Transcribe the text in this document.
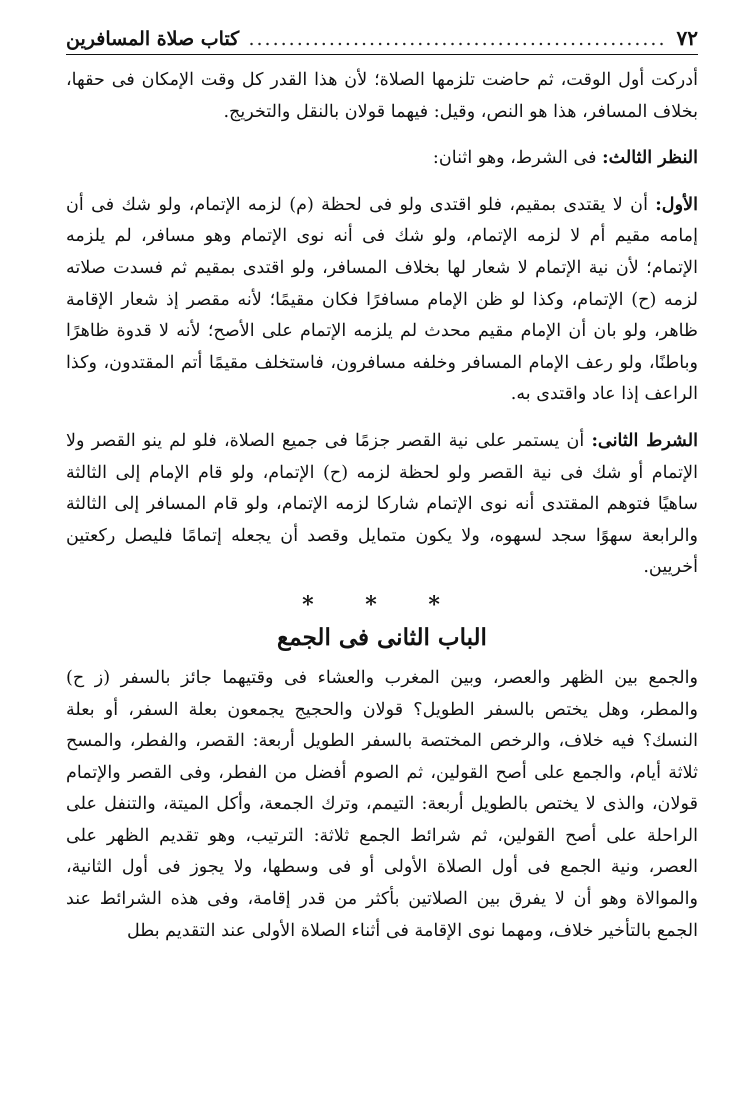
٧٢
.....
كتاب صلاة المسافرين

أدركت أول الوقت، ثم حاضت تلزمها الصلاة؛ لأن هذا القدر كل وقت الإمكان فى حقها، بخلاف المسافر، هذا هو النص، وقيل: فيهما قولان بالنقل والتخريج.

النظر الثالث: فى الشرط، وهو اثنان:

الأول: أن لا يقتدى بمقيم، فلو اقتدى ولو فى لحظة (م) لزمه الإتمام، ولو شك فى أن إمامه مقيم أم لا لزمه الإتمام، ولو شك فى أنه نوى الإتمام وهو مسافر، لم يلزمه الإتمام؛ لأن نية الإتمام لا شعار لها بخلاف المسافر، ولو اقتدى بمقيم ثم فسدت صلاته لزمه (ح) الإتمام، وكذا لو ظن الإمام مسافرًا فكان مقيمًا؛ لأنه مقصر إذ شعار الإقامة ظاهر، ولو بان أن الإمام مقيم محدث لم يلزمه الإتمام على الأصح؛ لأنه لا قدوة ظاهرًا وباطنًا، ولو رعف الإمام المسافر وخلفه مسافرون، فاستخلف مقيمًا أتم المقتدون، وكذا الراعف إذا عاد واقتدى به.

الشرط الثانى: أن يستمر على نية القصر جزمًا فى جميع الصلاة، فلو لم ينو القصر ولا الإتمام أو شك فى نية القصر ولو لحظة لزمه (ح) الإتمام، ولو قام الإمام إلى الثالثة ساهيًا فتوهم المقتدى أنه نوى الإتمام شاركا لزمه الإتمام، ولو قام المسافر إلى الثالثة والرابعة سهوًا سجد لسهوه، ولا يكون متمايل وقصد أن يجعله إتمامًا فليصل ركعتين أخريين.

* * *
الباب الثانى فى الجمع

والجمع بين الظهر والعصر، وبين المغرب والعشاء فى وقتيهما جائز بالسفر (ز ح) والمطر، وهل يختص بالسفر الطويل؟ قولان والحجيج يجمعون بعلة السفر، أو بعلة النسك؟ فيه خلاف، والرخص المختصة بالسفر الطويل أربعة: القصر، والفطر، والمسح ثلاثة أيام، والجمع على أصح القولين، ثم الصوم أفضل من الفطر، وفى القصر والإتمام قولان، والذى لا يختص بالطويل أربعة: التيمم، وترك الجمعة، وأكل الميتة، والتنفل على الراحلة على أصح القولين، ثم شرائط الجمع ثلاثة: الترتيب، وهو تقديم الظهر على العصر، ونية الجمع فى أول الصلاة الأولى أو فى وسطها، ولا يجوز فى أول الثانية، والموالاة وهو أن لا يفرق بين الصلاتين بأكثر من قدر إقامة، وفى هذه الشرائط عند الجمع بالتأخير خلاف، ومهما نوى الإقامة فى أثناء الصلاة الأولى عند التقديم بطل
